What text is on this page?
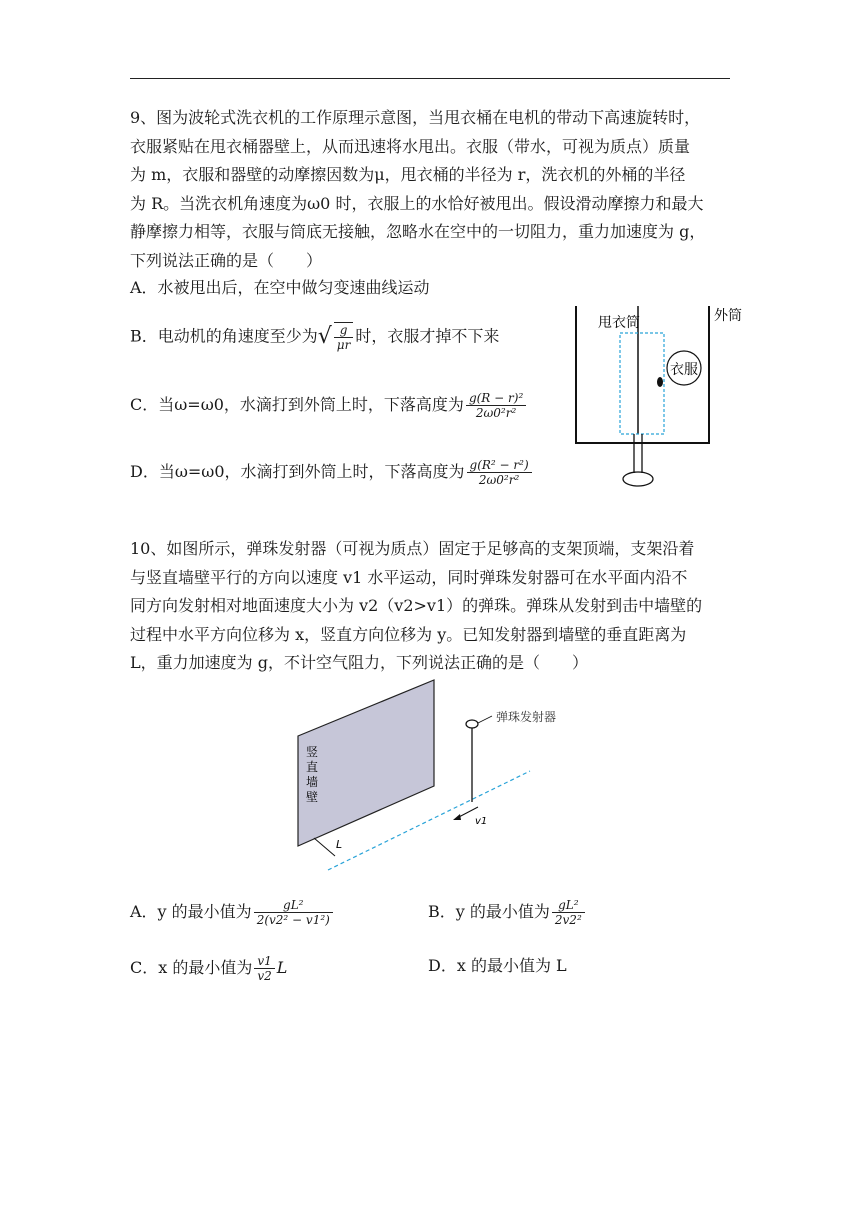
9、图为波轮式洗衣机的工作原理示意图，当甩衣桶在电机的带动下高速旋转时，
衣服紧贴在甩衣桶器壁上，从而迅速将水甩出。衣服（带水，可视为质点）质量
为 m，衣服和器壁的动摩擦因数为μ，甩衣桶的半径为 r，洗衣机的外桶的半径
为 R。当洗衣机角速度为ω0 时，衣服上的水恰好被甩出。假设滑动摩擦力和最大
静摩擦力相等，衣服与筒底无接触，忽略水在空中的一切阻力，重力加速度为 g，
下列说法正确的是（　　）
A．水被甩出后，在空中做匀变速曲线运动
B．电动机的角速度至少为√ $\frac{g}{\mu r}$ 时，衣服才掉不下来
C．当ω=ω0，水滴打到外筒上时，下落高度为 $\frac{\text{g(R − r)²}}{\text{2ω0²r²}}$
D．当ω=ω0，水滴打到外筒上时，下落高度为 $\frac{\text{g(R² − r²)}}{\text{2ω0²r²}}$
衣服
甩衣筒	外筒
10、如图所示，弹珠发射器（可视为质点）固定于足够高的支架顶端，支架沿着
与竖直墙壁平行的方向以速度 v1 水平运动，同时弹珠发射器可在水平面内沿不
同方向发射相对地面速度大小为 v2（v2>v1）的弹珠。弹珠从发射到击中墙壁的
过程中水平方向位移为 x，竖直方向位移为 y。已知发射器到墙壁的垂直距离为
L，重力加速度为 g，不计空气阻力，下列说法正确的是（　　）
竖直墙壁
弹珠发射器
v1
L
A．y 的最小值为 $\frac{\text{gL²}}{\text{2(v2² − v1²)}}$	B．y 的最小值为 $\frac{\text{gL²}}{\text{2v2²}}$
C．x 的最小值为 $\frac{v1}{v2}$ L	D．x 的最小值为 L
